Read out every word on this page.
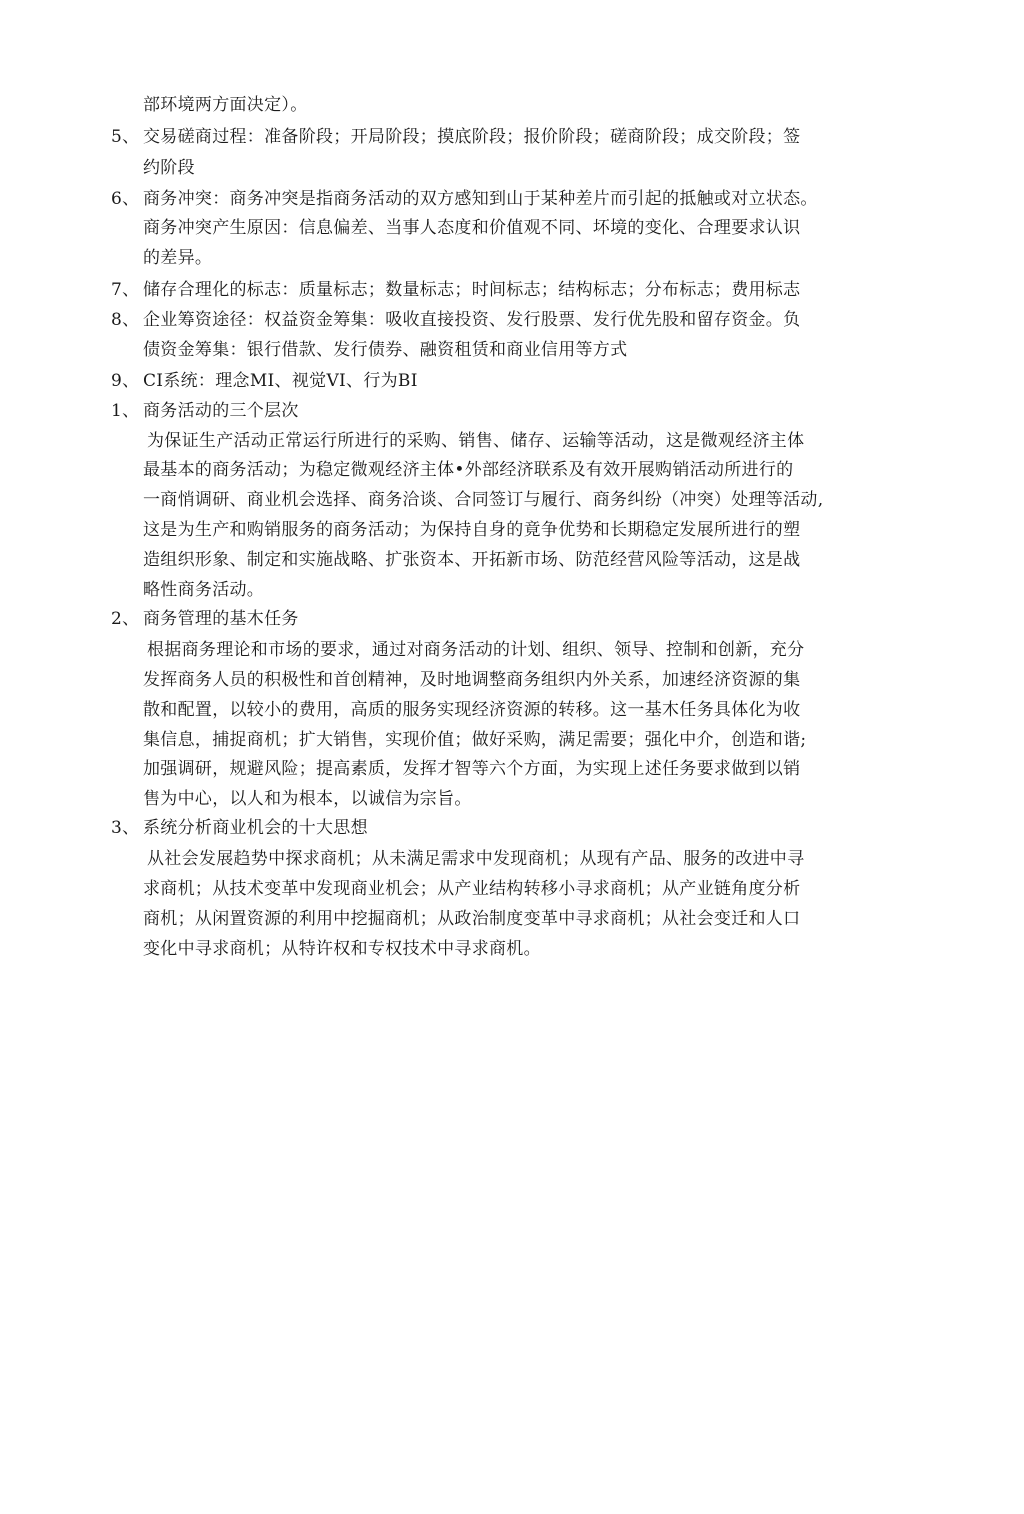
部环境两方面决定）。
5、 交易磋商过程：准备阶段；开局阶段；摸底阶段；报价阶段；磋商阶段；成交阶段；签
约阶段
6、 商务冲突：商务冲突是指商务活动的双方感知到山于某种差片而引起的抵触或对立状态。
商务冲突产生原因：信息偏差、当事人态度和价值观不同、坏境的变化、合理要求认识
的差异。
7、 储存合理化的标志：质量标志；数量标志；时间标志；结构标志；分布标志；费用标志
8、 企业筹资途径：权益资金筹集：吸收直接投资、发行股票、发行优先股和留存资金。负
债资金筹集：银行借款、发行债券、融资租赁和商业信用等方式
9、 CI系统：理念MI、视觉VI、行为BI
1、 商务活动的三个层次
为保证生产活动正常运行所进行的采购、销售、储存、运输等活动，这是微观经济主体
最基本的商务活动；为稳定微观经济主体•外部经济联系及有效开展购销活动所进行的
一商悄调研、商业机会选择、商务洽谈、合同签订与履行、商务纠纷（冲突）处理等活动,
这是为生产和购销服务的商务活动；为保持自身的竟争优势和长期稳定发展所进行的塑
造组织形象、制定和实施战略、扩张资本、开拓新市场、防范经营风险等活动，这是战
略性商务活动。
2、 商务管理的基木任务
根据商务理论和市场的要求，通过对商务活动的计划、组织、领导、控制和创新，充分
发挥商务人员的积极性和首创精神，及时地调整商务组织内外关系，加速经济资源的集
散和配置，以较小的费用，高质的服务实现经济资源的转移。这一基木任务具体化为收
集信息，捕捉商机；扩大销售，实现价值；做好采购，满足需要；强化中介，创造和谐;
加强调研，规避风险；提高素质，发挥才智等六个方面，为实现上述任务要求做到以销
售为中心，以人和为根本，以诚信为宗旨。
3、 系统分析商业机会的十大思想
从社会发展趋势中探求商机；从未满足需求中发现商机；从现有产品、服务的改进中寻
求商机；从技术变革中发现商业机会；从产业结构转移小寻求商机；从产业链角度分析
商机；从闲置资源的利用中挖掘商机；从政治制度变革中寻求商机；从社会变迁和人口
变化中寻求商机；从特许权和专权技术中寻求商机。
